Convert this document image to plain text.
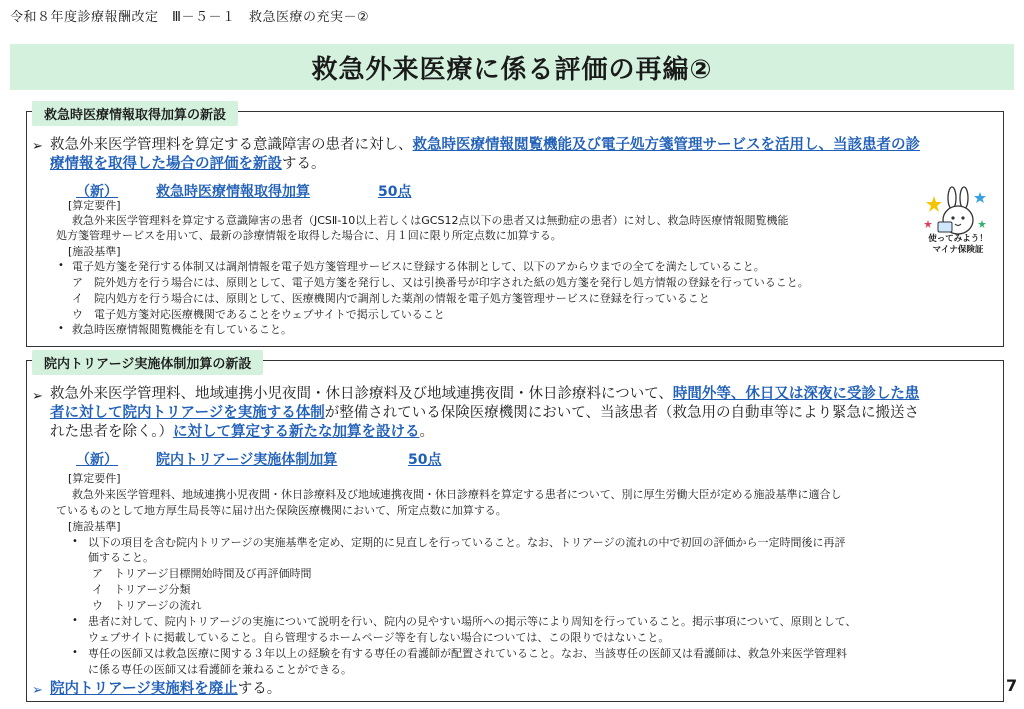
令和８年度診療報酬改定　Ⅲ－５－１　救急医療の充実－②
救急外来医療に係る評価の再編②
救急時医療情報取得加算の新設
➢ 救急外来医学管理料を算定する意識障害の患者に対し、救急時医療情報閲覧機能及び電子処方箋管理サービスを活用し、当該患者の診
療情報を取得した場合の評価を新設する。
（新）	救急時医療情報取得加算	50点
[算定要件]
救急外来医学管理料を算定する意識障害の患者（JCSⅡ-10以上若しくはGCS12点以下の患者又は無動症の患者）に対し、救急時医療情報閲覧機能
処方箋管理サービスを用いて、最新の診療情報を取得した場合に、月１回に限り所定点数に加算する。
[施設基準]
• 電子処方箋を発行する体制又は調剤情報を電子処方箋管理サービスに登録する体制として、以下のアからウまでの全てを満たしていること。
ア　院外処方を行う場合には、原則として、電子処方箋を発行し、又は引換番号が印字された紙の処方箋を発行し処方情報の登録を行っていること。
イ　院内処方を行う場合には、原則として、医療機関内で調剤した薬剤の情報を電子処方箋管理サービスに登録を行っていること
ウ　電子処方箋対応医療機関であることをウェブサイトで掲示していること
• 救急時医療情報閲覧機能を有していること。
使ってみよう！
マイナ保険証
院内トリアージ実施体制加算の新設
➢ 救急外来医学管理料、地域連携小児夜間・休日診療料及び地域連携夜間・休日診療料について、時間外等、休日又は深夜に受診した患
者に対して院内トリアージを実施する体制が整備されている保険医療機関において、当該患者（救急用の自動車等により緊急に搬送さ
れた患者を除く。）に対して算定する新たな加算を設ける。
（新）	院内トリアージ実施体制加算	50点
[算定要件]
救急外来医学管理料、地域連携小児夜間・休日診療料及び地域連携夜間・休日診療料を算定する患者について、別に厚生労働大臣が定める施設基準に適合し
ているものとして地方厚生局長等に届け出た保険医療機関において、所定点数に加算する。
[施設基準]
• 以下の項目を含む院内トリアージの実施基準を定め、定期的に見直しを行っていること。なお、トリアージの流れの中で初回の評価から一定時間後に再評
価すること。
ア　トリアージ目標開始時間及び再評価時間
イ　トリアージ分類
ウ　トリアージの流れ
• 患者に対して、院内トリアージの実施について説明を行い、院内の見やすい場所への掲示等により周知を行っていること。掲示事項について、原則として、
ウェブサイトに掲載していること。自ら管理するホームページ等を有しない場合については、この限りではないこと。
• 専任の医師又は救急医療に関する３年以上の経験を有する専任の看護師が配置されていること。なお、当該専任の医師又は看護師は、救急外来医学管理料
に係る専任の医師又は看護師を兼ねることができる。
➢ 院内トリアージ実施料を廃止する。	7
